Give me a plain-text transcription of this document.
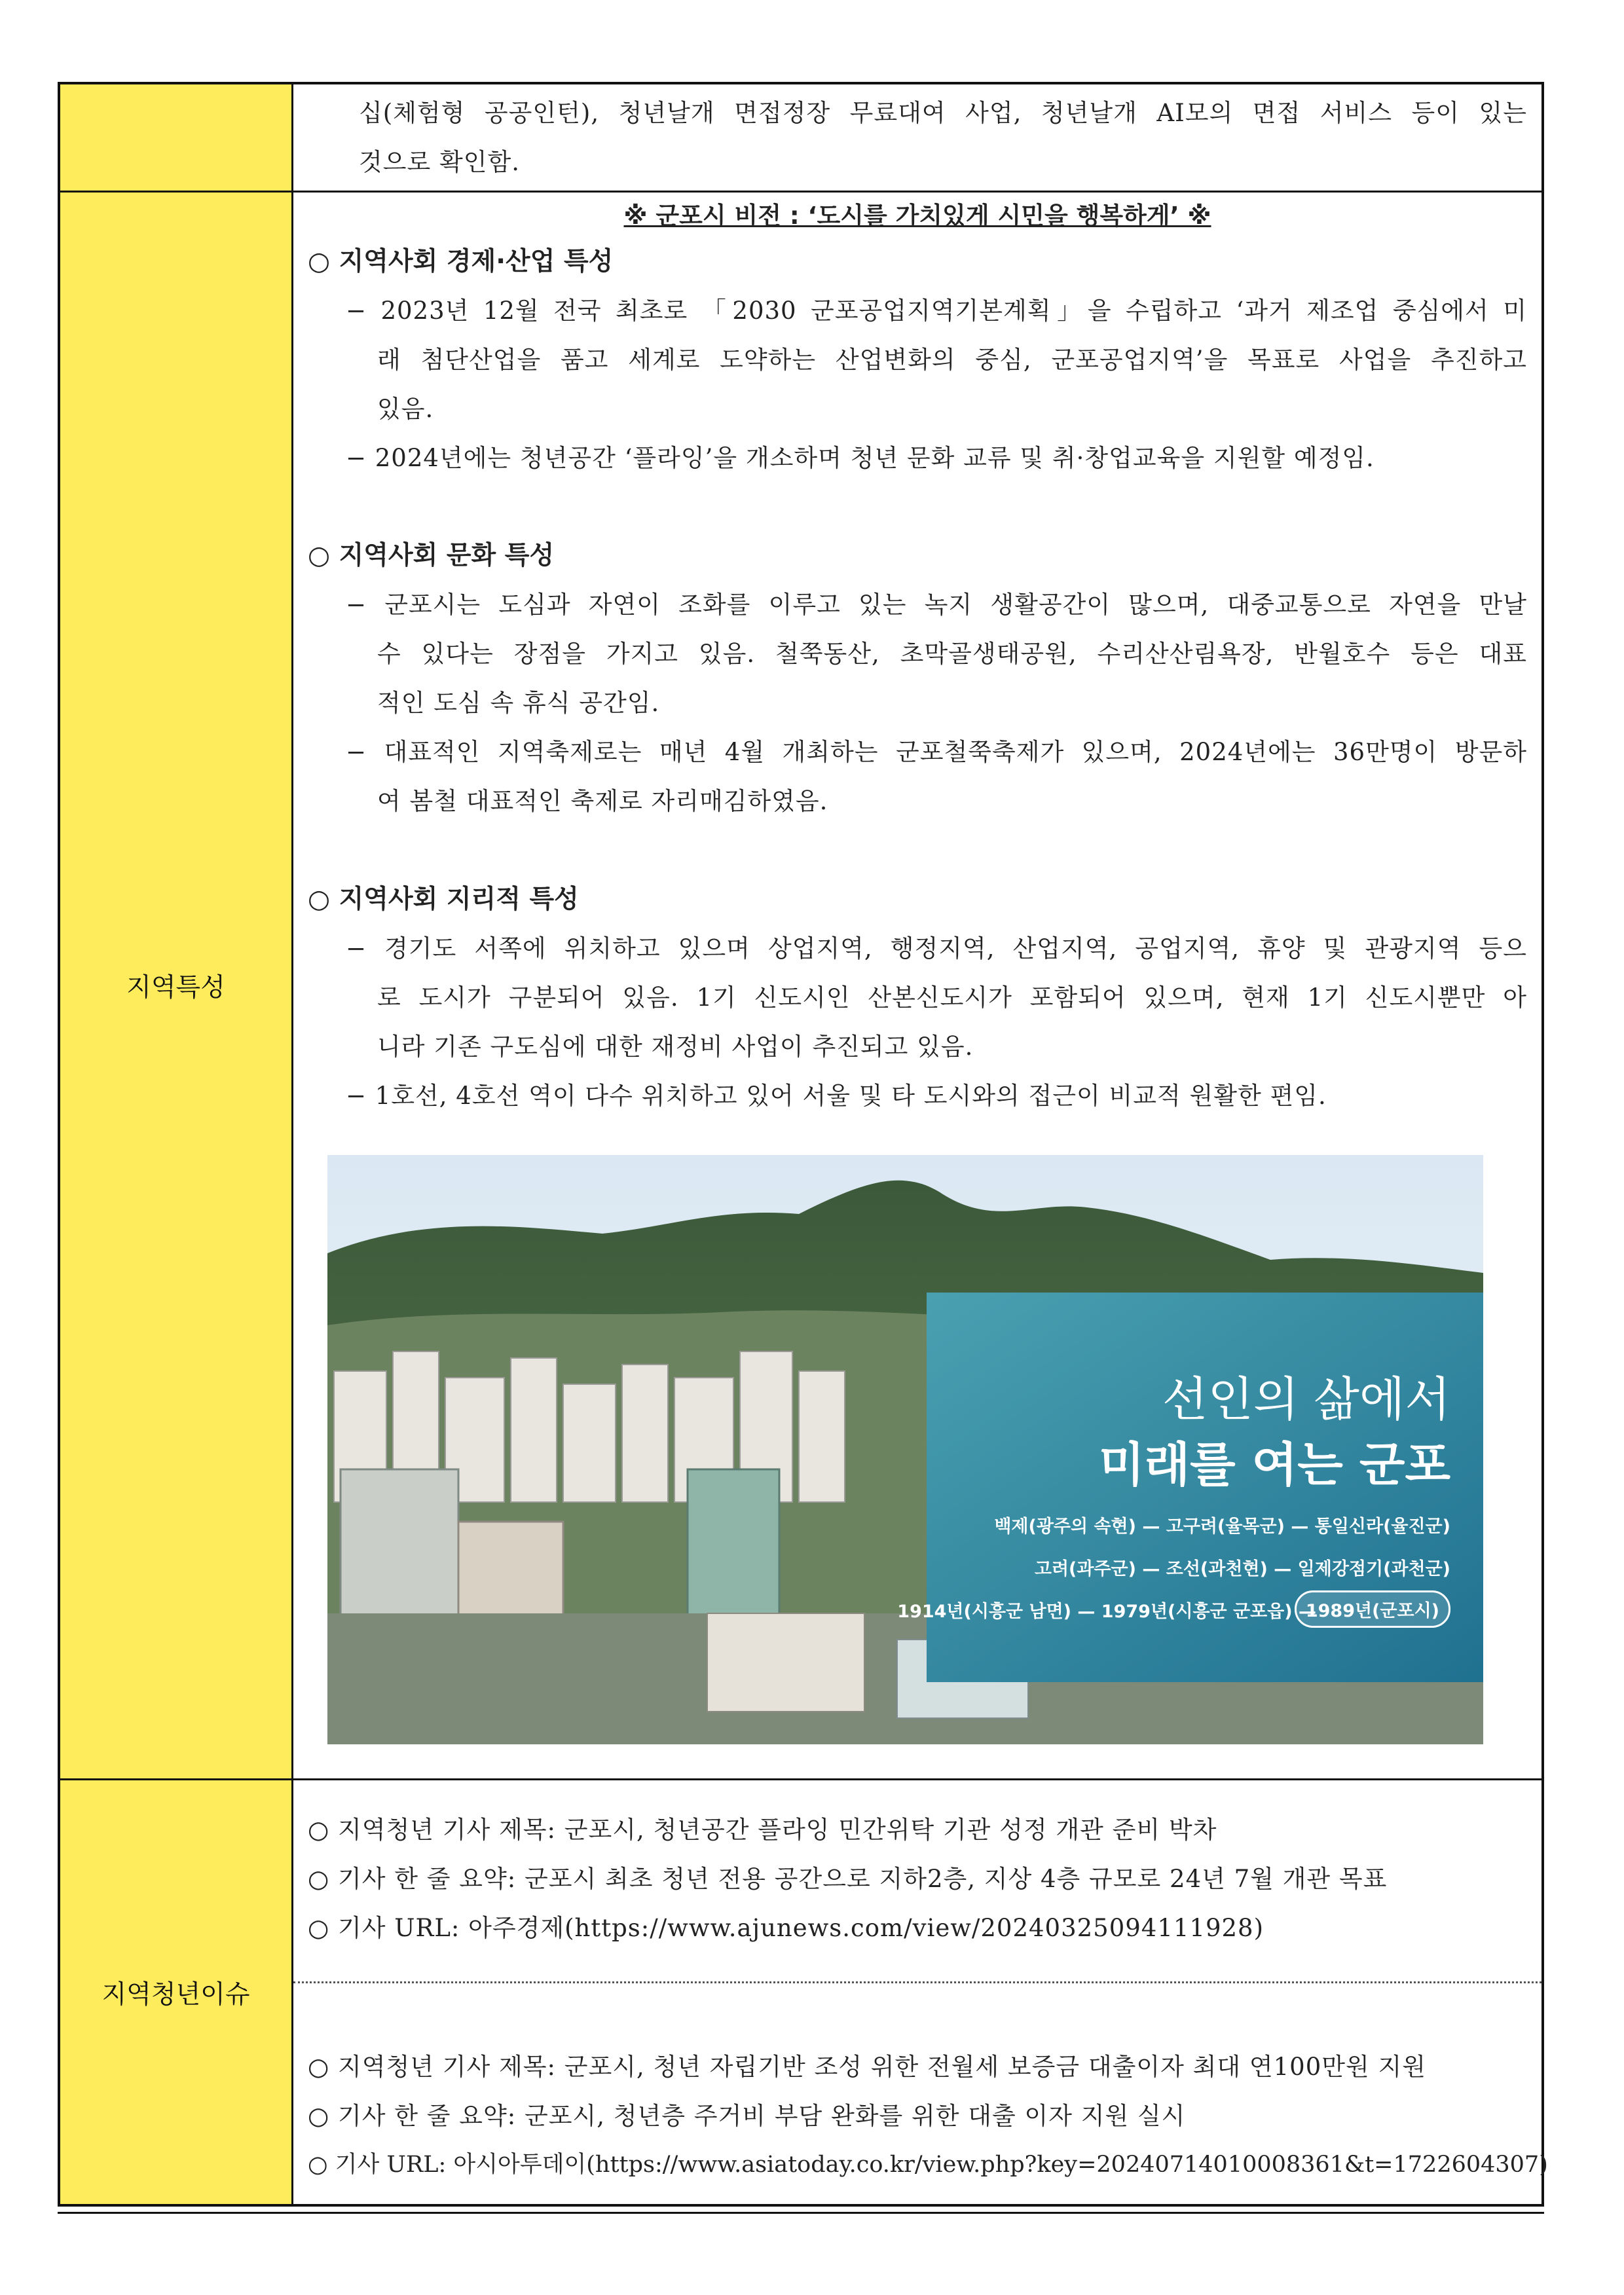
십(체험형 공공인턴), 청년날개 면접정장 무료대여 사업, 청년날개 AI모의 면접 서비스 등이 있는
것으로 확인함.
지역특성
※ 군포시 비전 : ‘도시를 가치있게 시민을 행복하게’ ※
○ 지역사회 경제·산업 특성
− 2023년 12월 전국 최초로 「2030 군포공업지역기본계획」을 수립하고 ‘과거 제조업 중심에서 미
래 첨단산업을 품고 세계로 도약하는 산업변화의 중심, 군포공업지역’을 목표로 사업을 추진하고
있음.
− 2024년에는 청년공간 ‘플라잉’을 개소하며 청년 문화 교류 및 취·창업교육을 지원할 예정임.
○ 지역사회 문화 특성
− 군포시는 도심과 자연이 조화를 이루고 있는 녹지 생활공간이 많으며, 대중교통으로 자연을 만날
수 있다는 장점을 가지고 있음. 철쭉동산, 초막골생태공원, 수리산산림욕장, 반월호수 등은 대표
적인 도심 속 휴식 공간임.
− 대표적인 지역축제로는 매년 4월 개최하는 군포철쭉축제가 있으며, 2024년에는 36만명이 방문하
여 봄철 대표적인 축제로 자리매김하였음.
○ 지역사회 지리적 특성
− 경기도 서쪽에 위치하고 있으며 상업지역, 행정지역, 산업지역, 공업지역, 휴양 및 관광지역 등으
로 도시가 구분되어 있음. 1기 신도시인 산본신도시가 포함되어 있으며, 현재 1기 신도시뿐만 아
니라 기존 구도심에 대한 재정비 사업이 추진되고 있음.
− 1호선, 4호선 역이 다수 위치하고 있어 서울 및 타 도시와의 접근이 비교적 원활한 편임.
선인의 삶에서
미래를 여는 군포
백제(광주의 속현) — 고구려(율목군) — 통일신라(율진군)
고려(과주군) — 조선(과천현) — 일제강점기(과천군)
1914년(시흥군 남면) — 1979년(시흥군 군포읍) —
1989년(군포시)
지역청년이슈
○ 지역청년 기사 제목: 군포시, 청년공간 플라잉 민간위탁 기관 성정 개관 준비 박차
○ 기사 한 줄 요약: 군포시 최초 청년 전용 공간으로 지하2층, 지상 4층 규모로 24년 7월 개관 목표
○ 기사 URL: 아주경제(https://www.ajunews.com/view/20240325094111928)
○ 지역청년 기사 제목: 군포시, 청년 자립기반 조성 위한 전월세 보증금 대출이자 최대 연100만원 지원
○ 기사 한 줄 요약: 군포시, 청년층 주거비 부담 완화를 위한 대출 이자 지원 실시
○ 기사 URL: 아시아투데이(https://www.asiatoday.co.kr/view.php?key=20240714010008361&t=1722604307)
